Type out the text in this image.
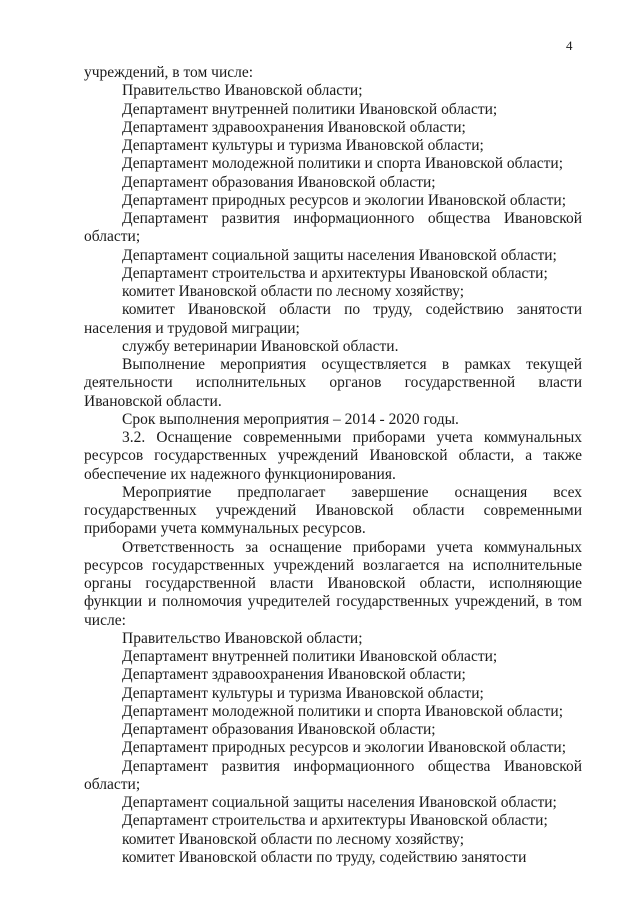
4

учреждений, в том числе:

Правительство Ивановской области;

Департамент внутренней политики Ивановской области;

Департамент здравоохранения Ивановской области;

Департамент культуры и туризма Ивановской области;

Департамент молодежной политики и спорта Ивановской области;

Департамент образования Ивановской области;

Департамент природных ресурсов и экологии Ивановской области;

Департамент развития информационного общества Ивановской области;

Департамент социальной защиты населения Ивановской области;

Департамент строительства и архитектуры Ивановской области;

комитет Ивановской области по лесному хозяйству;

комитет Ивановской области по труду, содействию занятости населения и трудовой миграции;

службу ветеринарии Ивановской области.

Выполнение мероприятия осуществляется в рамках текущей деятельности исполнительных органов государственной власти Ивановской области.

Срок выполнения мероприятия – 2014 - 2020 годы.

3.2. Оснащение современными приборами учета коммунальных ресурсов государственных учреждений Ивановской области, а также обеспечение их надежного функционирования.

Мероприятие предполагает завершение оснащения всех государственных учреждений Ивановской области современными приборами учета коммунальных ресурсов.

Ответственность за оснащение приборами учета коммунальных ресурсов государственных учреждений возлагается на исполнительные органы государственной власти Ивановской области, исполняющие функции и полномочия учредителей государственных учреждений, в том числе:

Правительство Ивановской области;

Департамент внутренней политики Ивановской области;

Департамент здравоохранения Ивановской области;

Департамент культуры и туризма Ивановской области;

Департамент молодежной политики и спорта Ивановской области;

Департамент образования Ивановской области;

Департамент природных ресурсов и экологии Ивановской области;

Департамент развития информационного общества Ивановской области;

Департамент социальной защиты населения Ивановской области;

Департамент строительства и архитектуры Ивановской области;

комитет Ивановской области по лесному хозяйству;

комитет Ивановской области по труду, содействию занятости
